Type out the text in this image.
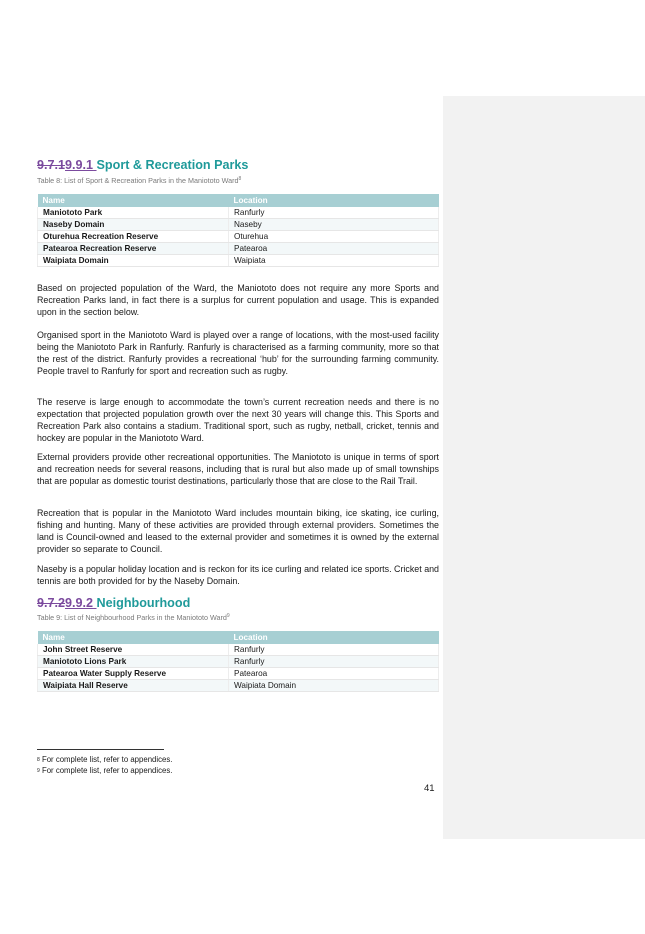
9.7.19.9.1 Sport & Recreation Parks
Table 8: List of Sport & Recreation Parks in the Maniototo Ward$^8$
Name	Location
Maniototo Park	Ranfurly
Naseby Domain	Naseby
Oturehua Recreation Reserve	Oturehua
Patearoa Recreation Reserve	Patearoa
Waipiata Domain	Waipiata

Based on projected population of the Ward, the Maniototo does not require any more Sports and Recreation Parks land, in fact there is a surplus for current population and usage. This is expanded upon in the section below.

Organised sport in the Maniototo Ward is played over a range of locations, with the most-used facility being the Maniototo Park in Ranfurly. Ranfurly is characterised as a farming community, more so that the rest of the district. Ranfurly provides a recreational ‘hub’ for the surrounding farming community. People travel to Ranfurly for sport and recreation such as rugby.

The reserve is large enough to accommodate the town’s current recreation needs and there is no expectation that projected population growth over the next 30 years will change this. This Sports and Recreation Park also contains a stadium. Traditional sport, such as rugby, netball, cricket, tennis and hockey are popular in the Maniototo Ward.

External providers provide other recreational opportunities. The Maniototo is unique in terms of sport and recreation needs for several reasons, including that is rural but also made up of small townships that are popular as domestic tourist destinations, particularly those that are close to the Rail Trail.

Recreation that is popular in the Maniototo Ward includes mountain biking, ice skating, ice curling, fishing and hunting. Many of these activities are provided through external providers. Sometimes the land is Council-owned and leased to the external provider and sometimes it is owned by the external provider so separate to Council.

Naseby is a popular holiday location and is reckon for its ice curling and related ice sports. Cricket and tennis are both provided for by the Naseby Domain.

9.7.29.9.2 Neighbourhood
Table 9: List of Neighbourhood Parks in the Maniototo Ward$^9$
Name	Location
John Street Reserve	Ranfurly
Maniototo Lions Park	Ranfurly
Patearoa Water Supply Reserve	Patearoa
Waipiata Hall Reserve	Waipiata Domain
$^8$ For complete list, refer to appendices.
$^9$ For complete list, refer to appendices.
41
